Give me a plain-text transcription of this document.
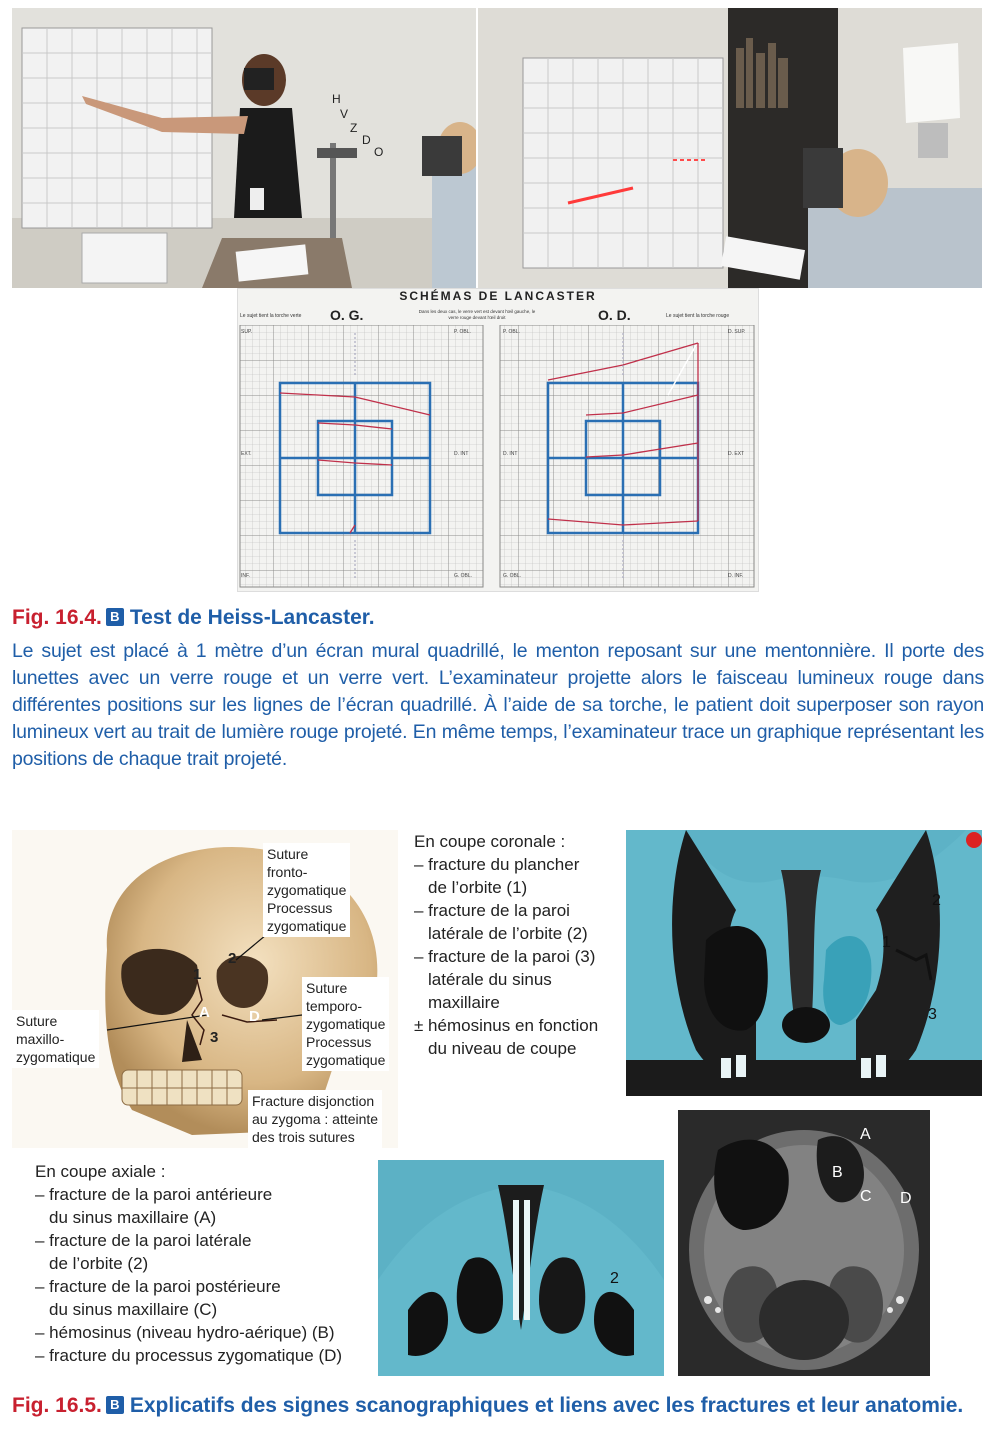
H
V
Z
D
O
SCHÉMAS DE LANCASTER
O. G.	O. D.
Le sujet tient la torche verte
Dans les deux cas, le verre vert est devant l'œil gauche, le verre rouge devant l'œil droit	Le sujet tient la torche rouge
SUP.	P. OBL.
EXT.	D. INT
INF.	G. OBL.
P. OBL.	D. SUP.
D. INT	D. EXT
G. OBL.	D. INF.
Fig. 16.4. B Test de Heiss-Lancaster.
Le sujet est placé à 1 mètre d’un écran mural quadrillé, le menton reposant sur une mentonnière. Il porte des lunettes avec un verre rouge et un verre vert. L’examinateur projette alors le faisceau lumineux rouge dans différentes positions sur les lignes de l’écran quadrillé. À l’aide de sa torche, le patient doit superposer son rayon lumineux vert au trait de lumière rouge projeté. En même temps, l’examinateur trace un graphique représentant les positions de chaque trait projeté.
1
2
A	D
3
Suture
fronto-
zygomatique
Processus
zygomatique
Suture
maxillo-
zygomatique
Suture
temporo-
zygomatique
Processus
zygomatique
Fracture disjonction
au zygoma : atteinte
des trois sutures
En coupe coronale :
– fracture du plancher
de l’orbite (1)
– fracture de la paroi
latérale de l’orbite (2)
– fracture de la paroi (3)
latérale du sinus
maxillaire
± hémosinus en fonction
du niveau de coupe
2
1
3
En coupe axiale :
– fracture de la paroi antérieure
du sinus maxillaire (A)
– fracture de la paroi latérale
de l’orbite (2)
– fracture de la paroi postérieure
du sinus maxillaire (C)
– hémosinus (niveau hydro-aérique) (B)
– fracture du processus zygomatique (D)
2
A
B
C D
Fig. 16.5. B Explicatifs des signes scanographiques et liens avec les fractures et leur anatomie.
